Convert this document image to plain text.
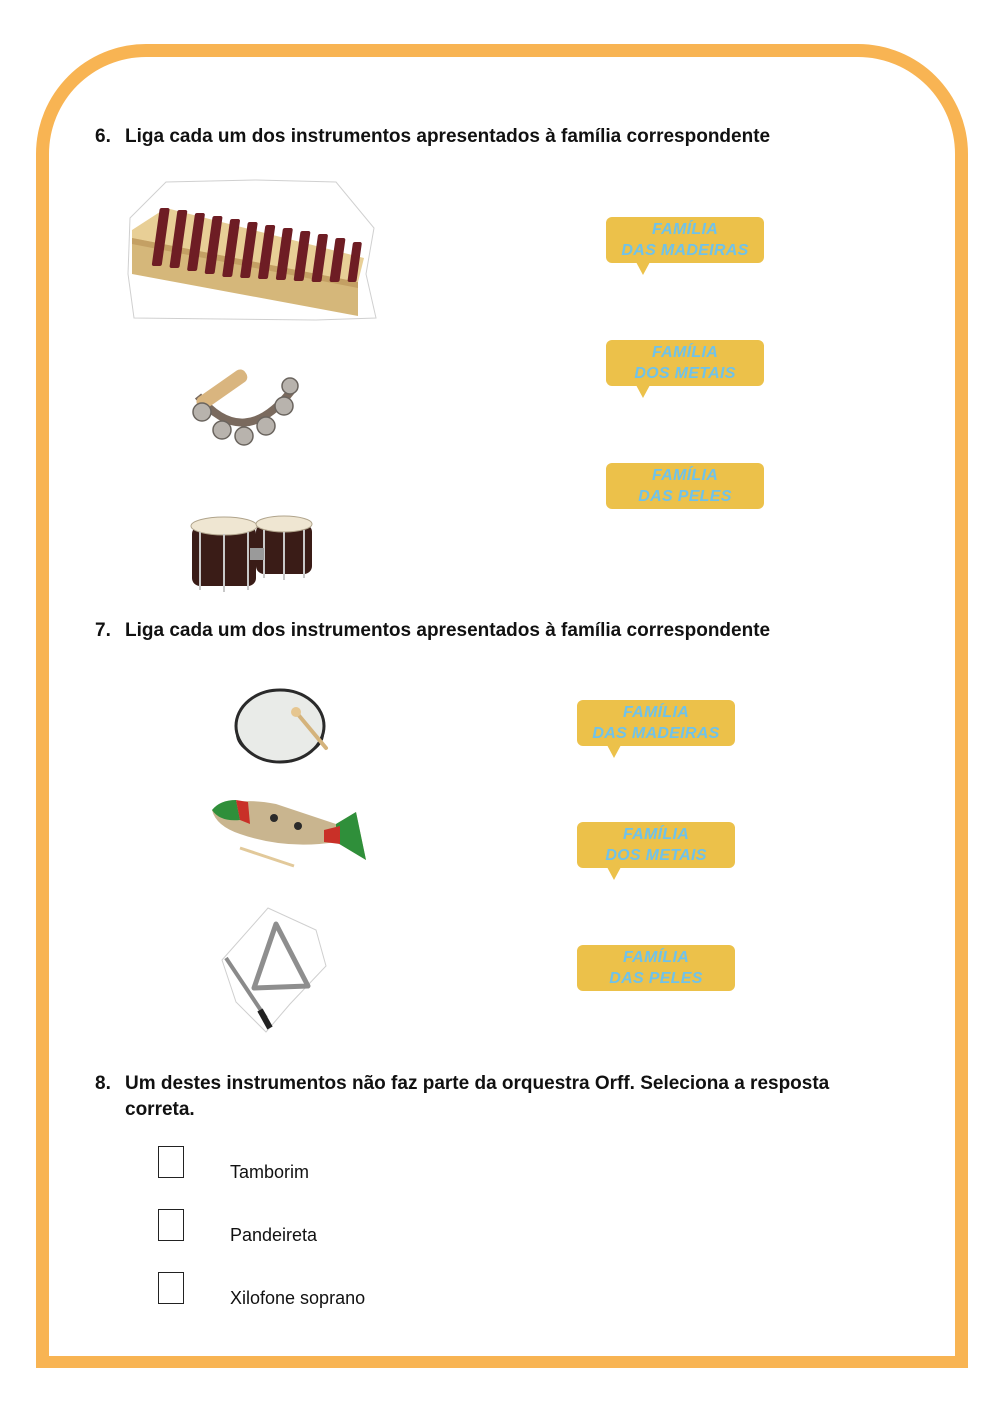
6. Liga cada um dos instrumentos apresentados à família correspondente
FAMÍLIA
DAS MADEIRAS
FAMÍLIA
DOS METAIS
FAMÍLIA
DAS PELES
7. Liga cada um dos instrumentos apresentados à família correspondente
FAMÍLIA
DAS MADEIRAS
FAMÍLIA
DOS METAIS
FAMÍLIA
DAS PELES
8. Um destes instrumentos não faz parte da orquestra Orff. Seleciona a resposta correta.
Tamborim
Pandeireta
Xilofone soprano
